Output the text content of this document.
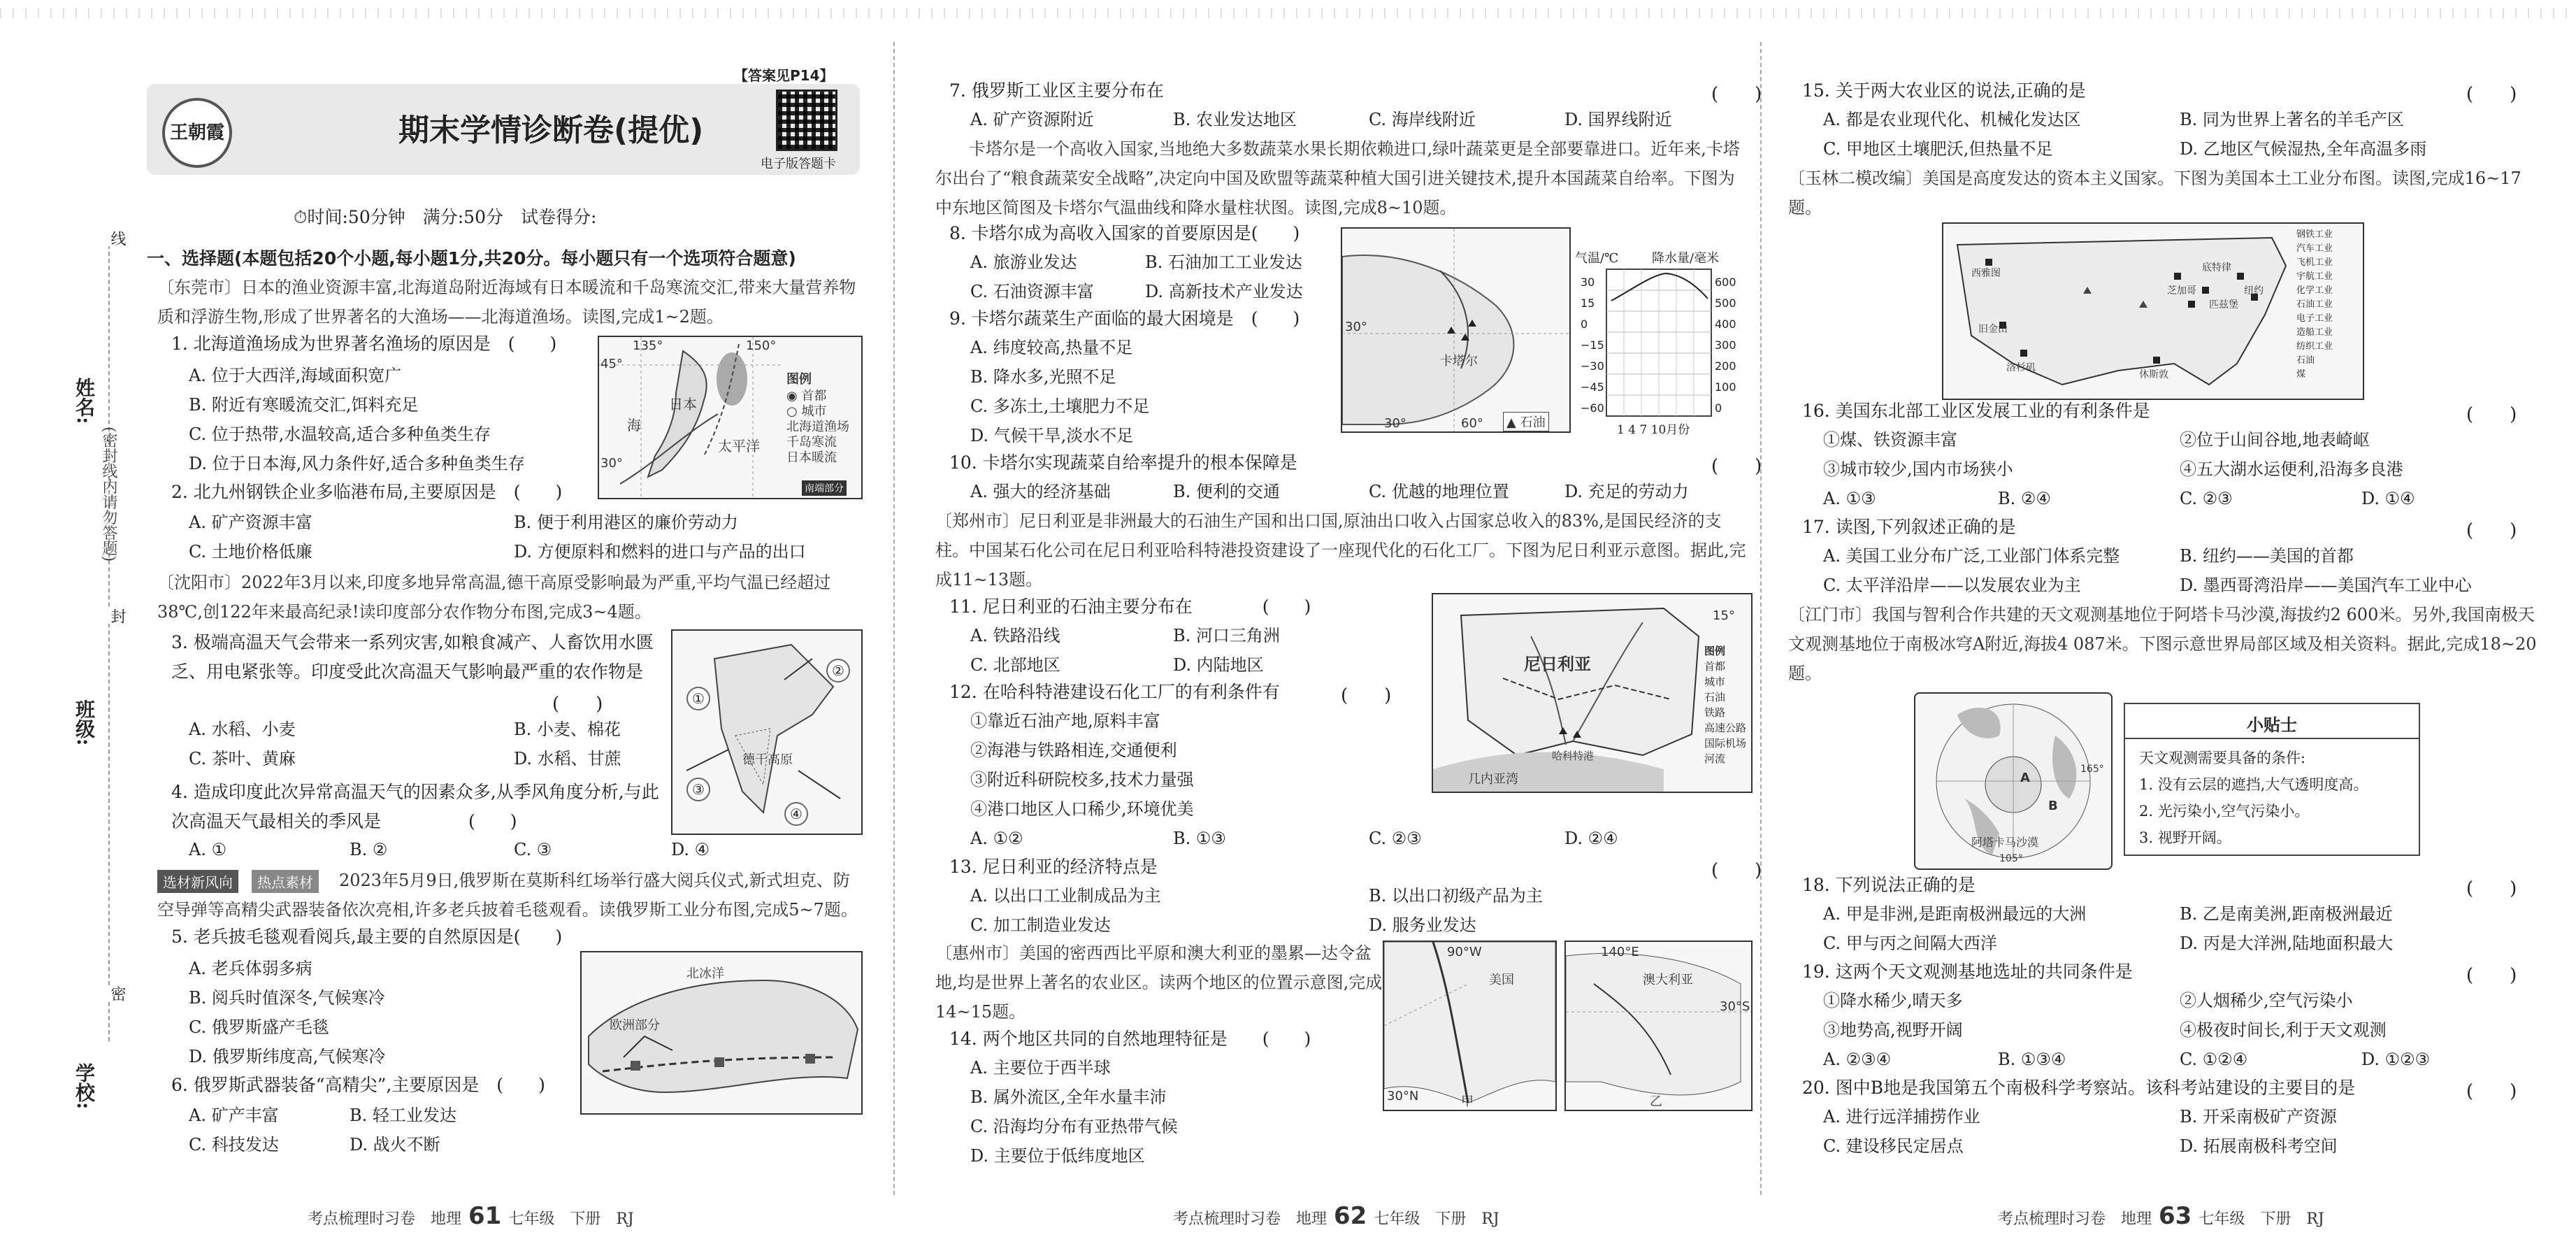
姓名:
班级:
学校:
(密封线内请勿答题)
线
封
密
【答案见P14】
王朝霞	期末学情诊断卷(提优)
电子版答题卡
⏱时间:50分钟　满分:50分　试卷得分:
一、选择题(本题包括20个小题,每小题1分,共20分。每小题只有一个选项符合题意)
〔东莞市〕日本的渔业资源丰富,北海道岛附近海域有日本暖流和千岛寒流交汇,带来大量营养物质和浮游生物,形成了世界著名的大渔场——北海道渔场。读图,完成1~2题。
1. 北海道渔场成为世界著名渔场的原因是　(　　)
A. 位于大西洋,海域面积宽广
B. 附近有寒暖流交汇,饵料充足
C. 位于热带,水温较高,适合多种鱼类生存
D. 位于日本海,风力条件好,适合多种鱼类生存
135°	150°
45°
30°
日本
海
太平洋
图例
◉ 首都
○ 城市
北海道渔场
千岛寒流
日本暖流
南端部分
2. 北九州钢铁企业多临港布局,主要原因是　(　　)
A. 矿产资源丰富	B. 便于利用港区的廉价劳动力
C. 土地价格低廉	D. 方便原料和燃料的进口与产品的出口
〔沈阳市〕2022年3月以来,印度多地异常高温,德干高原受影响最为严重,平均气温已经超过38℃,创122年来最高纪录!读印度部分农作物分布图,完成3~4题。
3. 极端高温天气会带来一系列灾害,如粮食减产、人畜饮用水匮乏、用电紧张等。印度受此次高温天气影响最严重的农作物是
(　　)
A. 水稻、小麦	B. 小麦、棉花
C. 茶叶、黄麻	D. 水稻、甘蔗
①
②
③
④
德干高原
4. 造成印度此次异常高温天气的因素众多,从季风角度分析,与此次高温天气最相关的季风是　　　　　(　　)
A. ①	B. ②	C. ③	D. ④
选材新风向	热点素材	2023年5月9日,俄罗斯在莫斯科红场举行盛大阅兵仪式,新式坦克、防空导弹等高精尖武器装备依次亮相,许多老兵披着毛毯观看。读俄罗斯工业分布图,完成5~7题。
5. 老兵披毛毯观看阅兵,最主要的自然原因是(　　)
A. 老兵体弱多病
B. 阅兵时值深冬,气候寒冷
C. 俄罗斯盛产毛毯
D. 俄罗斯纬度高,气候寒冷
北冰洋
欧洲部分
6. 俄罗斯武器装备“高精尖”,主要原因是　(　　)
A. 矿产丰富	B. 轻工业发达
C. 科技发达	D. 战火不断
考点梳理时习卷　地理 61 七年级　下册　RJ
7. 俄罗斯工业区主要分布在	(　　)
A. 矿产资源附近	B. 农业发达地区	C. 海岸线附近	D. 国界线附近
卡塔尔是一个高收入国家,当地绝大多数蔬菜水果长期依赖进口,绿叶蔬菜更是全部要靠进口。近年来,卡塔尔出台了“粮食蔬菜安全战略”,决定向中国及欧盟等蔬菜种植大国引进关键技术,提升本国蔬菜自给率。下图为中东地区简图及卡塔尔气温曲线和降水量柱状图。读图,完成8~10题。
8. 卡塔尔成为高收入国家的首要原因是(　　)
A. 旅游业发达	B. 石油加工工业发达
C. 石油资源丰富	D. 高新技术产业发达
9. 卡塔尔蔬菜生产面临的最大困境是　(　　)
A. 纬度较高,热量不足
B. 降水多,光照不足
C. 多冻土,土壤肥力不足
D. 气候干旱,淡水不足
卡塔尔
▲ 石油
30°
30°	60°
气温/℃	降水量/毫米
30
15
0
−15
−30
−45
−60
600
500
400
300
200
100
0
1 4 7 10月份
10. 卡塔尔实现蔬菜自给率提升的根本保障是	(　　)
A. 强大的经济基础	B. 便利的交通	C. 优越的地理位置	D. 充足的劳动力
〔郑州市〕尼日利亚是非洲最大的石油生产国和出口国,原油出口收入占国家总收入的83%,是国民经济的支柱。中国某石化公司在尼日利亚哈科特港投资建设了一座现代化的石化工厂。下图为尼日利亚示意图。据此,完成11~13题。
11. 尼日利亚的石油主要分布在　　　　(　　)
A. 铁路沿线	B. 河口三角洲
C. 北部地区	D. 内陆地区	尼日利亚
几内亚湾
哈科特港
15°
图例
首都
城市
石油
铁路
高速公路
国际机场
河流
12. 在哈科特港建设石化工厂的有利条件有	(　　)
①靠近石油产地,原料丰富
②海港与铁路相连,交通便利
③附近科研院校多,技术力量强
④港口地区人口稀少,环境优美
A. ①②	B. ①③	C. ②③	D. ②④
13. 尼日利亚的经济特点是	(　　)
A. 以出口工业制成品为主	B. 以出口初级产品为主
C. 加工制造业发达	D. 服务业发达
〔惠州市〕美国的密西西比平原和澳大利亚的墨累—达令盆地,均是世界上著名的农业区。读两个地区的位置示意图,完成14~15题。
14. 两个地区共同的自然地理特征是　　(　　)
A. 主要位于西半球
B. 属外流区,全年水量丰沛
C. 沿海均分布有亚热带气候
D. 主要位于低纬度地区
90°W
美国
30°N	甲
140°E
澳大利亚
30°S
乙
考点梳理时习卷　地理 62 七年级　下册　RJ
15. 关于两大农业区的说法,正确的是	(　　)
A. 都是农业现代化、机械化发达区	B. 同为世界上著名的羊毛产区
C. 甲地区土壤肥沃,但热量不足	D. 乙地区气候湿热,全年高温多雨
〔玉林二模改编〕美国是高度发达的资本主义国家。下图为美国本土工业分布图。读图,完成16~17题。
钢铁工业
汽车工业
飞机工业
宇航工业
化学工业
石油工业
电子工业
造船工业
纺织工业
石油
煤
西雅图
旧金山
洛杉矶
休斯敦
芝加哥	纽约
匹兹堡
底特律
16. 美国东北部工业区发展工业的有利条件是	(　　)
①煤、铁资源丰富	②位于山间谷地,地表崎岖
③城市较少,国内市场狭小	④五大湖水运便利,沿海多良港
A. ①③	B. ②④	C. ②③	D. ①④
17. 读图,下列叙述正确的是	(　　)
A. 美国工业分布广泛,工业部门体系完整	B. 纽约——美国的首都
C. 太平洋沿岸——以发展农业为主	D. 墨西哥湾沿岸——美国汽车工业中心
〔江门市〕我国与智利合作共建的天文观测基地位于阿塔卡马沙漠,海拔约2 600米。另外,我国南极天文观测基地位于南极冰穹A附近,海拔4 087米。下图示意世界局部区域及相关资料。据此,完成18~20题。
A
B
阿塔卡马沙漠
165°
105°
小贴士
天文观测需要具备的条件:
1. 没有云层的遮挡,大气透明度高。
2. 光污染小,空气污染小。
3. 视野开阔。
18. 下列说法正确的是	(　　)
A. 甲是非洲,是距南极洲最远的大洲	B. 乙是南美洲,距南极洲最近
C. 甲与丙之间隔大西洋	D. 丙是大洋洲,陆地面积最大
19. 这两个天文观测基地选址的共同条件是	(　　)
①降水稀少,晴天多	②人烟稀少,空气污染小
③地势高,视野开阔	④极夜时间长,利于天文观测
A. ②③④	B. ①③④	C. ①②④	D. ①②③
20. 图中B地是我国第五个南极科学考察站。该科考站建设的主要目的是	(　　)
A. 进行远洋捕捞作业	B. 开采南极矿产资源
C. 建设移民定居点	D. 拓展南极科考空间
考点梳理时习卷　地理 63 七年级　下册　RJ
